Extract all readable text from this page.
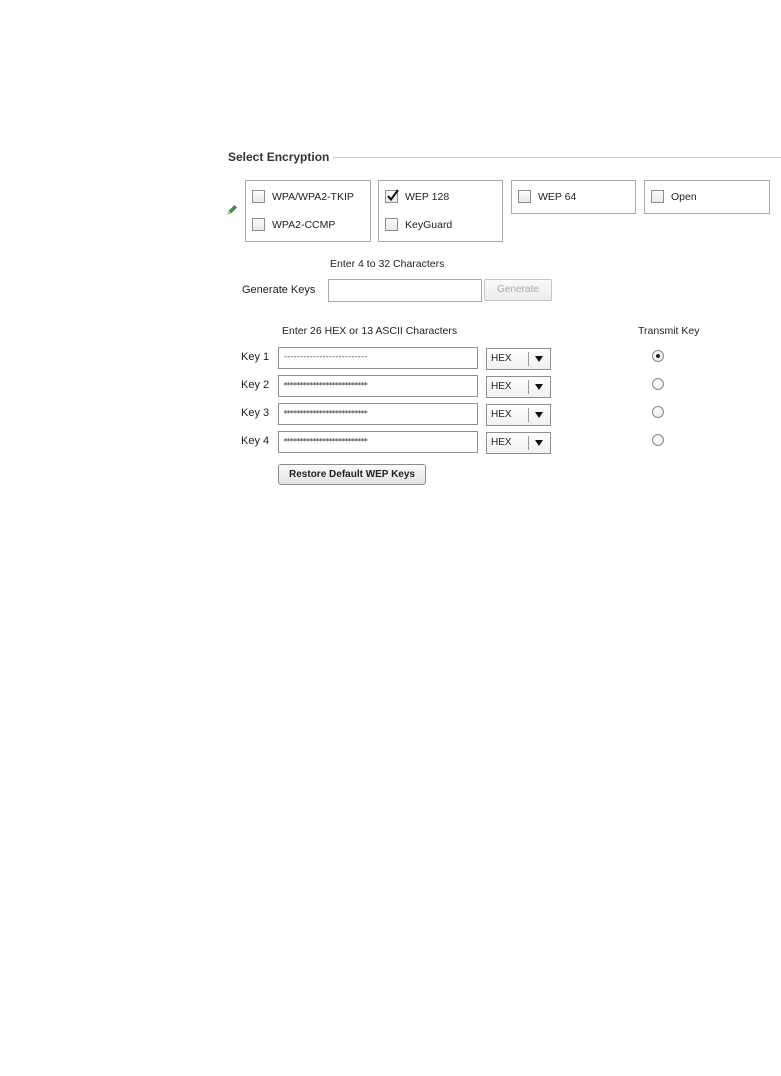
Select Encryption
WPA/WPA2-TKIP
WPA2-CCMP
WEP 128
KeyGuard
WEP 64	Open
Enter 4 to 32 Characters
Generate Keys	Generate
Enter 26 HEX or 13 ASCII Characters	Transmit Key
Key 1	--------------------------	HEX
Key 2	**************************	HEX
Key 3	**************************	HEX
Key 4	**************************	HEX
Restore Default WEP Keys
